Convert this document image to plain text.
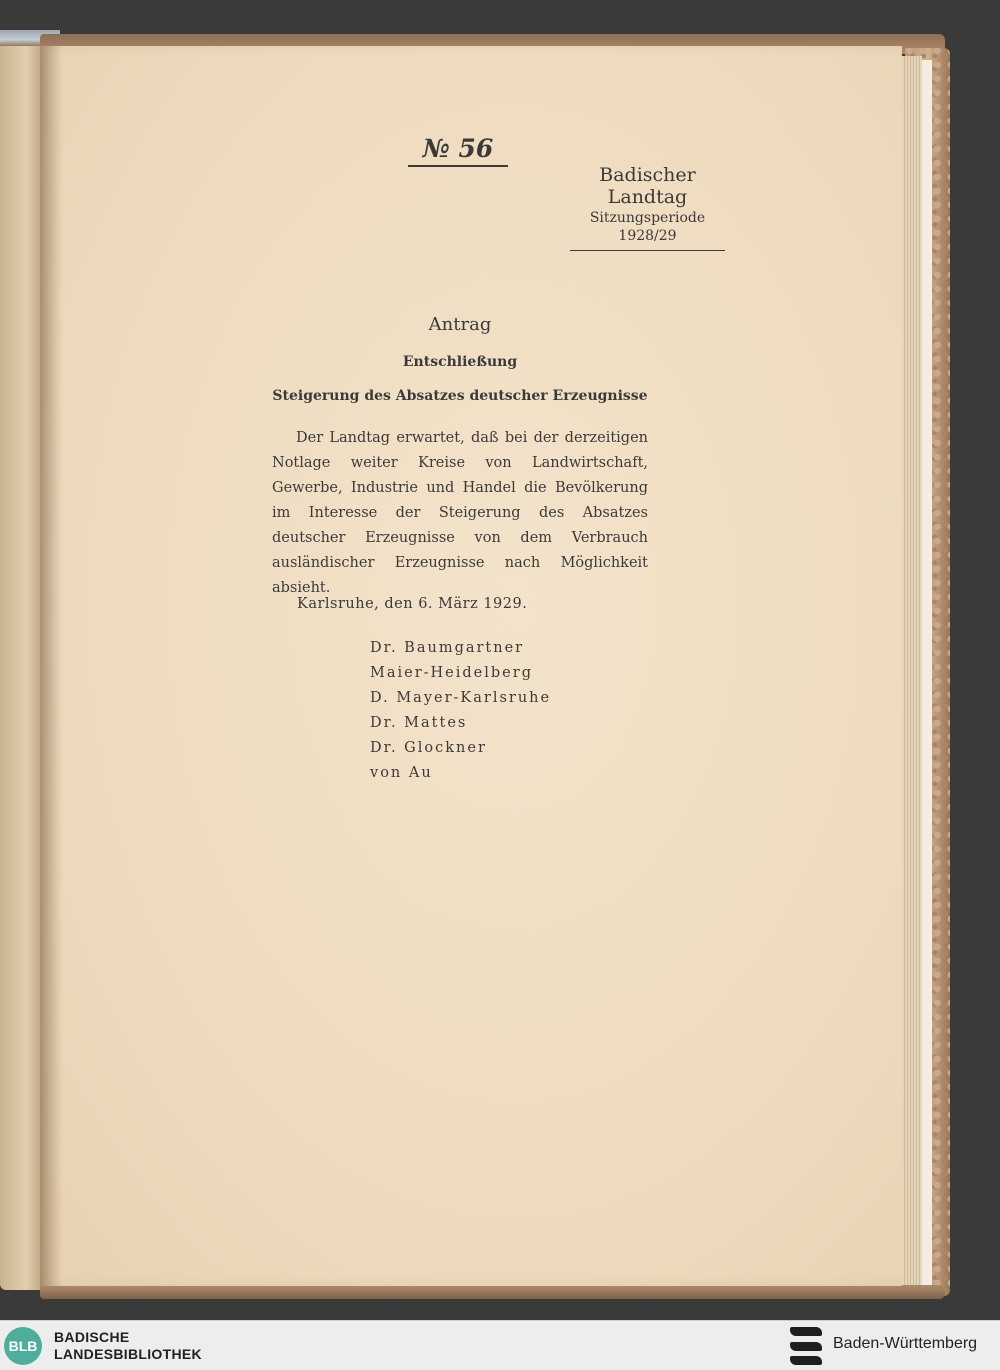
№ 56
Badischer Landtag
Sitzungsperiode
1928/29
Antrag
Entschließung
Steigerung des Absatzes deutscher Erzeugnisse

Der Landtag erwartet, daß bei der derzeitigen Notlage weiter Kreise von Landwirtschaft, Gewerbe, Industrie und Handel die Bevölkerung im Interesse der Steigerung des Absatzes deutscher Erzeugnisse von dem Verbrauch ausländischer Erzeugnisse nach Möglichkeit absieht.

Karlsruhe, den 6. März 1929.
Dr. Baumgartner
Maier-Heidelberg
D. Mayer-Karlsruhe
Dr. Mattes
Dr. Glockner
von Au
BLB
BADISCHE
LANDESBIBLIOTHEK
Baden-Württemberg
